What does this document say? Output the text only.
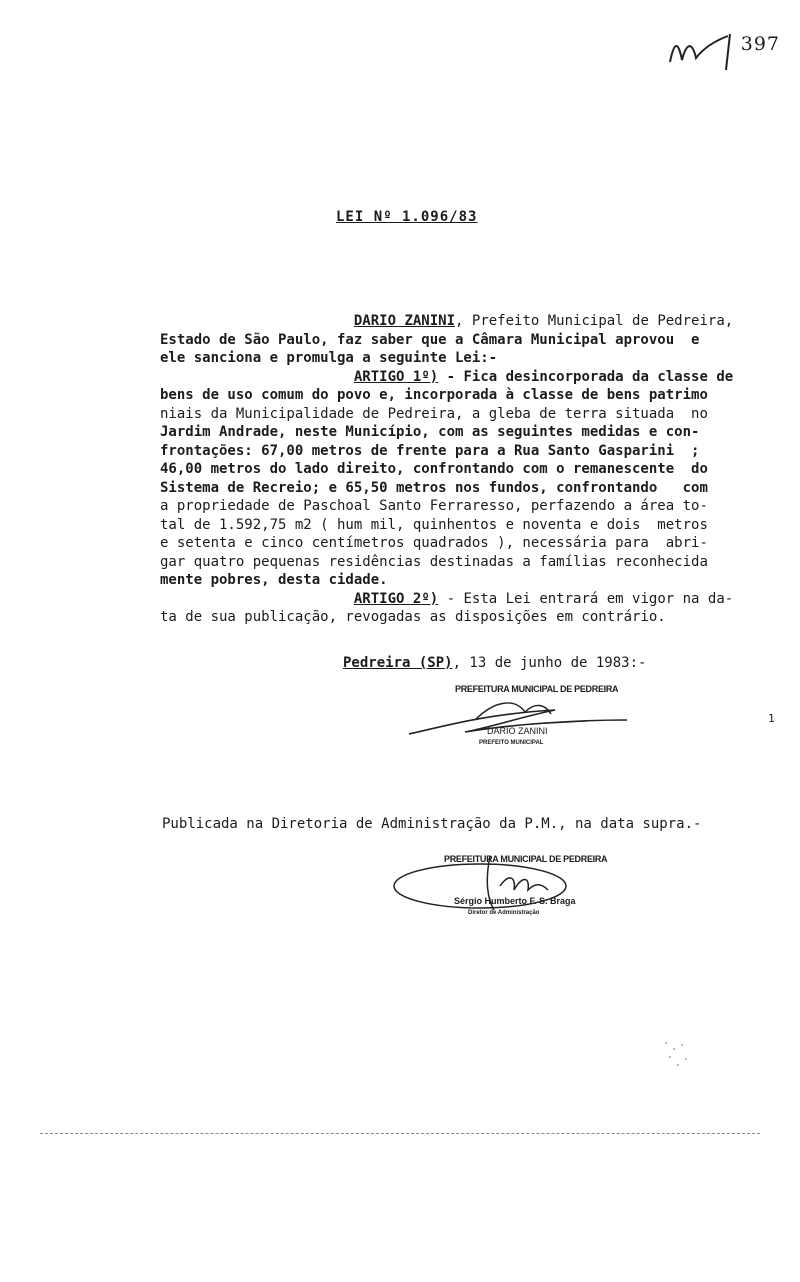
397
LEI Nº 1.096/83

DARIO ZANINI, Prefeito Municipal de Pedreira,

Estado de São Paulo, faz saber que a Câmara Municipal aprovou  e

ele sanciona e promulga a seguinte Lei:-

ARTIGO 1º) - Fica desincorporada da classe de

bens de uso comum do povo e, incorporada à classe de bens patrimo

niais da Municipalidade de Pedreira, a gleba de terra situada  no

Jardim Andrade, neste Município, com as seguintes medidas e con-

frontações: 67,00 metros de frente para a Rua Santo Gasparini  ;

46,00 metros do lado direito, confrontando com o remanescente  do

Sistema de Recreio; e 65,50 metros nos fundos, confrontando   com

a propriedade de Paschoal Santo Ferraresso, perfazendo a área to-

tal de 1.592,75 m2 ( hum mil, quinhentos e noventa e dois  metros

e setenta e cinco centímetros quadrados ), necessária para  abri-

gar quatro pequenas residências destinadas a famílias reconhecida

mente pobres, desta cidade.

ARTIGO 2º) - Esta Lei entrará em vigor na da-

ta de sua publicação, revogadas as disposições em contrário.

Pedreira (SP), 13 de junho de 1983:-
PREFEITURA MUNICIPAL DE PEDREIRA
DARIO ZANINI
PREFEITO MUNICIPAL
1
Publicada na Diretoria de Administração da P.M., na data supra.-
PREFEITURA MUNICIPAL DE PEDREIRA
Sérgio Humberto F. S. Braga
Diretor de Administração
